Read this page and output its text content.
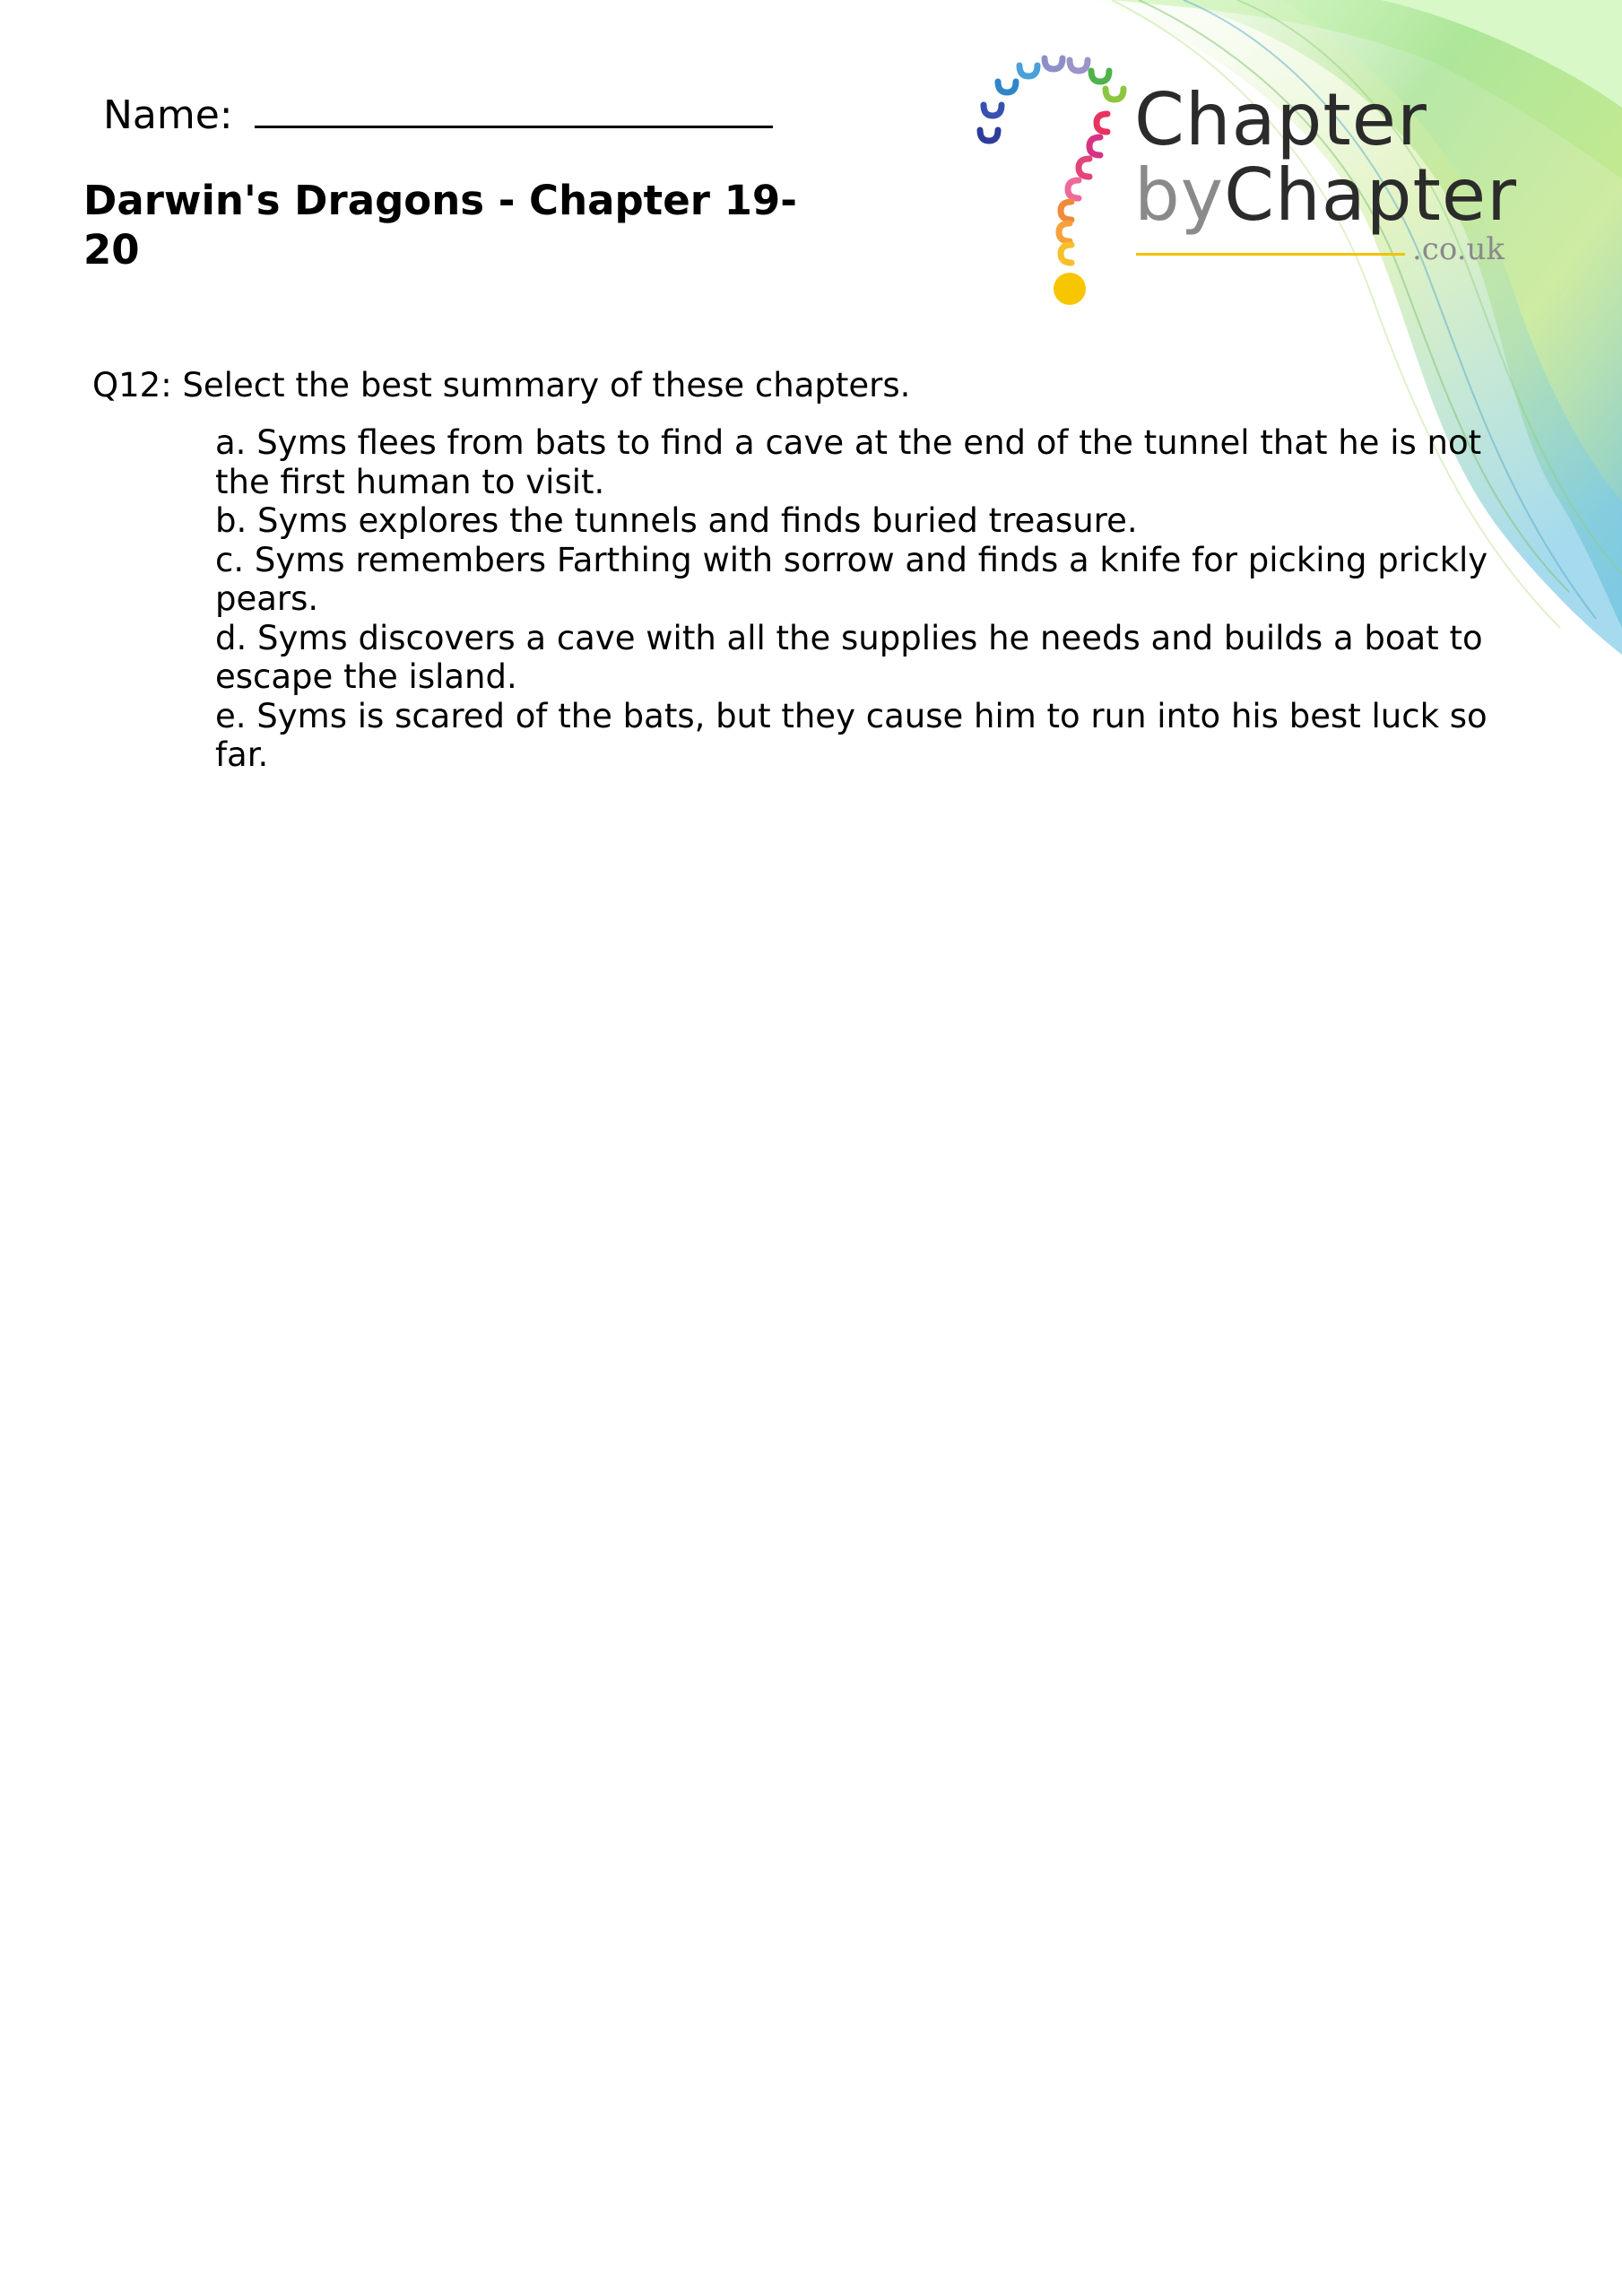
Name:
Darwin's Dragons - Chapter 19-20
Chapter
byChapter
.co.uk

Q12: Select the best summary of these chapters.

a. Syms flees from bats to find a cave at the end of the tunnel that he is not the first human to visit.
b. Syms explores the tunnels and finds buried treasure.
c. Syms remembers Farthing with sorrow and finds a knife for picking prickly pears.
d. Syms discovers a cave with all the supplies he needs and builds a boat to escape the island.
e. Syms is scared of the bats, but they cause him to run into his best luck so far.
